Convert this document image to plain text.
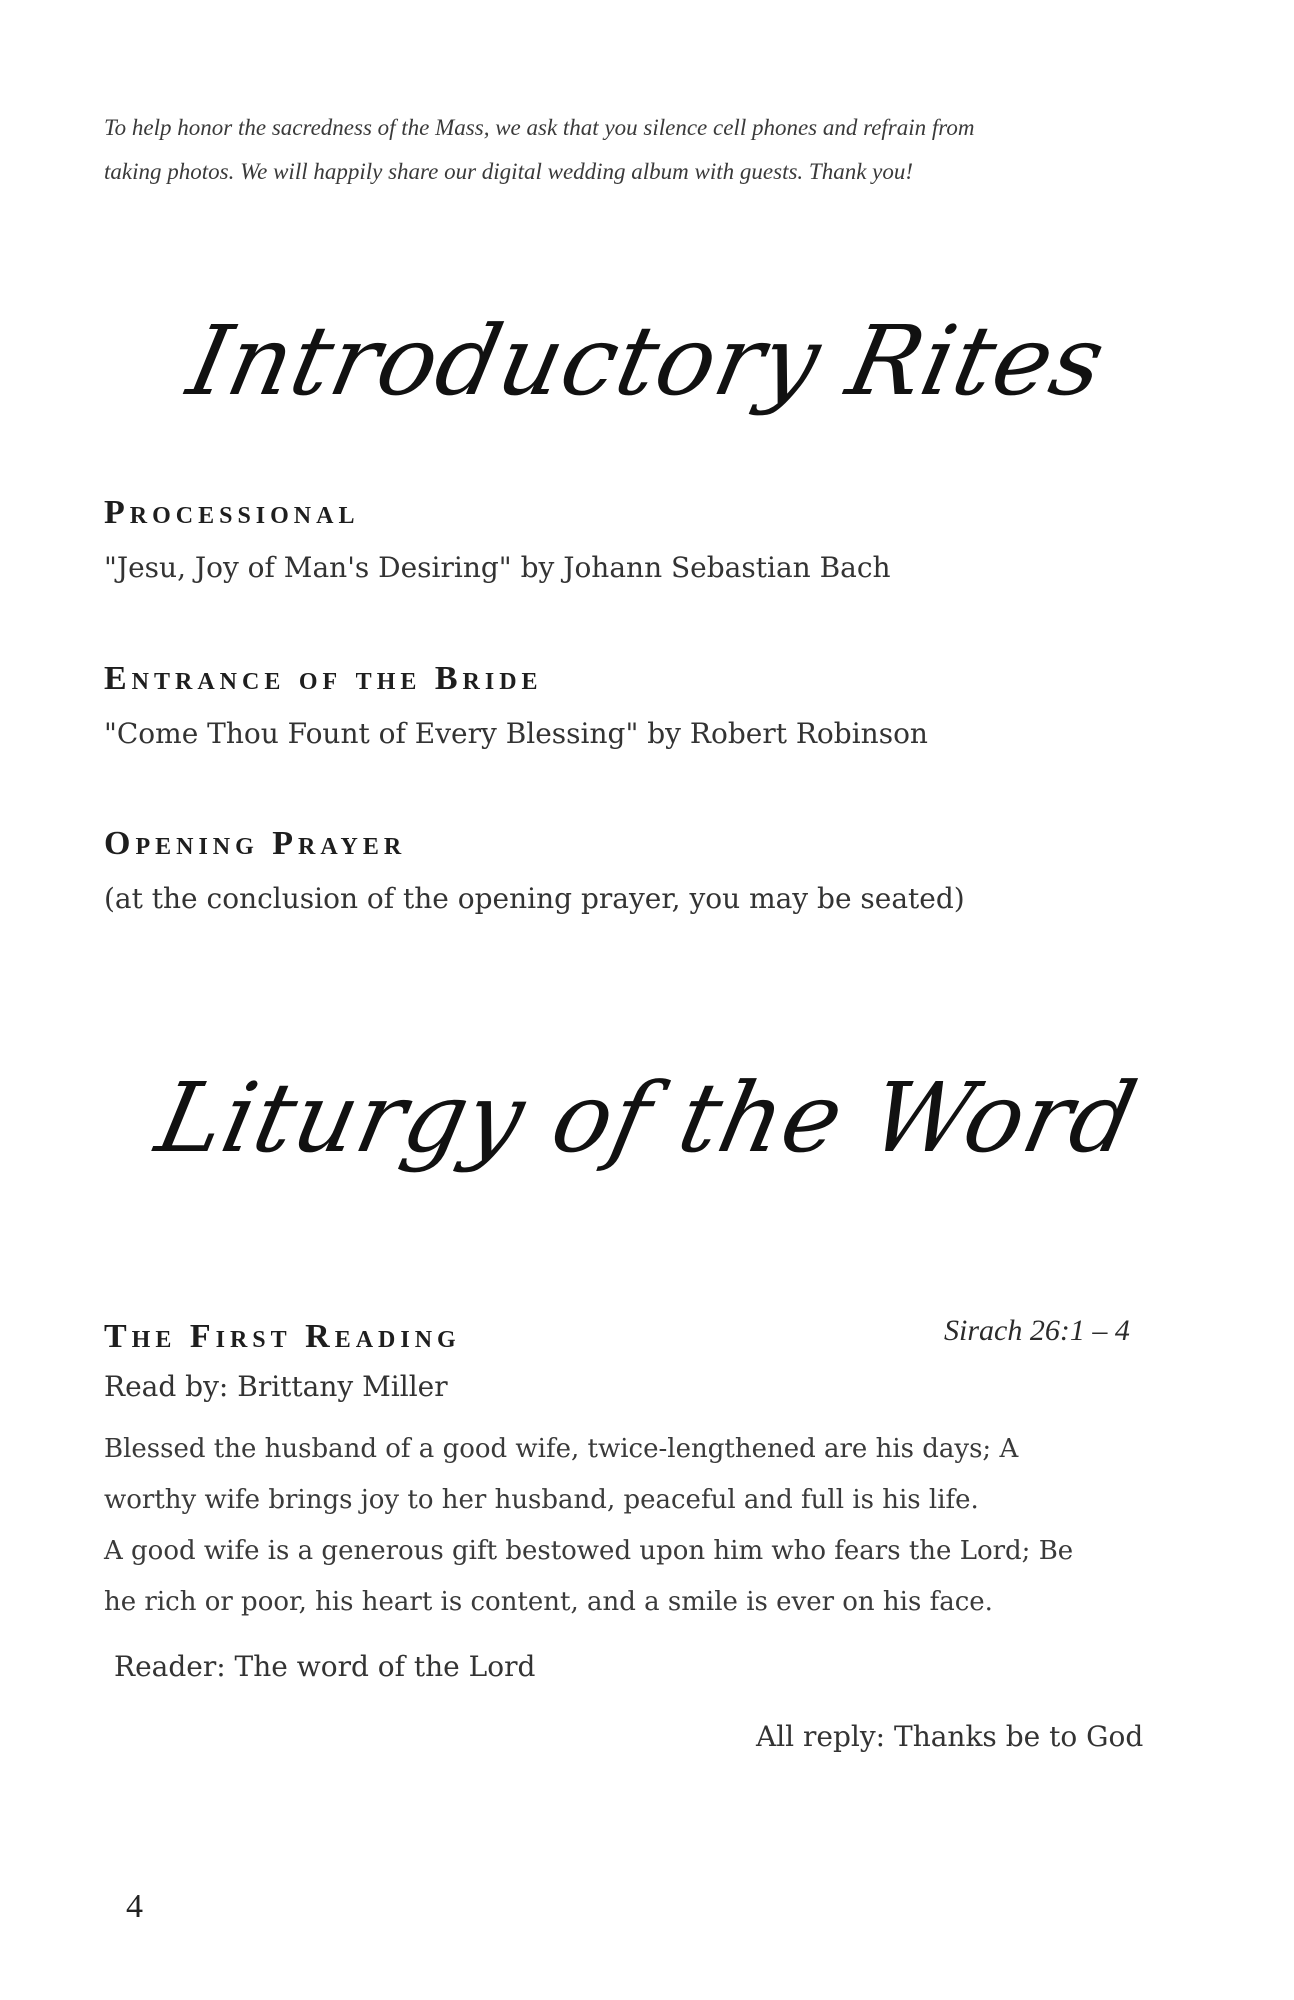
To help honor the sacredness of the Mass, we ask that you silence cell phones and refrain from
taking photos. We will happily share our digital wedding album with guests. Thank you!
Introductory Rites
Processional

"Jesu, Joy of Man's Desiring" by Johann Sebastian Bach

Entrance of the Bride

"Come Thou Fount of Every Blessing" by Robert Robinson

Opening Prayer

(at the conclusion of the opening prayer, you may be seated)

Liturgy of the Word
The First Reading	Sirach 26:1 – 4

Read by: Brittany Miller

Blessed the husband of a good wife, twice-lengthened are his days; A
worthy wife brings joy to her husband, peaceful and full is his life.
A good wife is a generous gift bestowed upon him who fears the Lord; Be
he rich or poor, his heart is content, and a smile is ever on his face.

Reader: The word of the Lord

All reply: Thanks be to God
4
